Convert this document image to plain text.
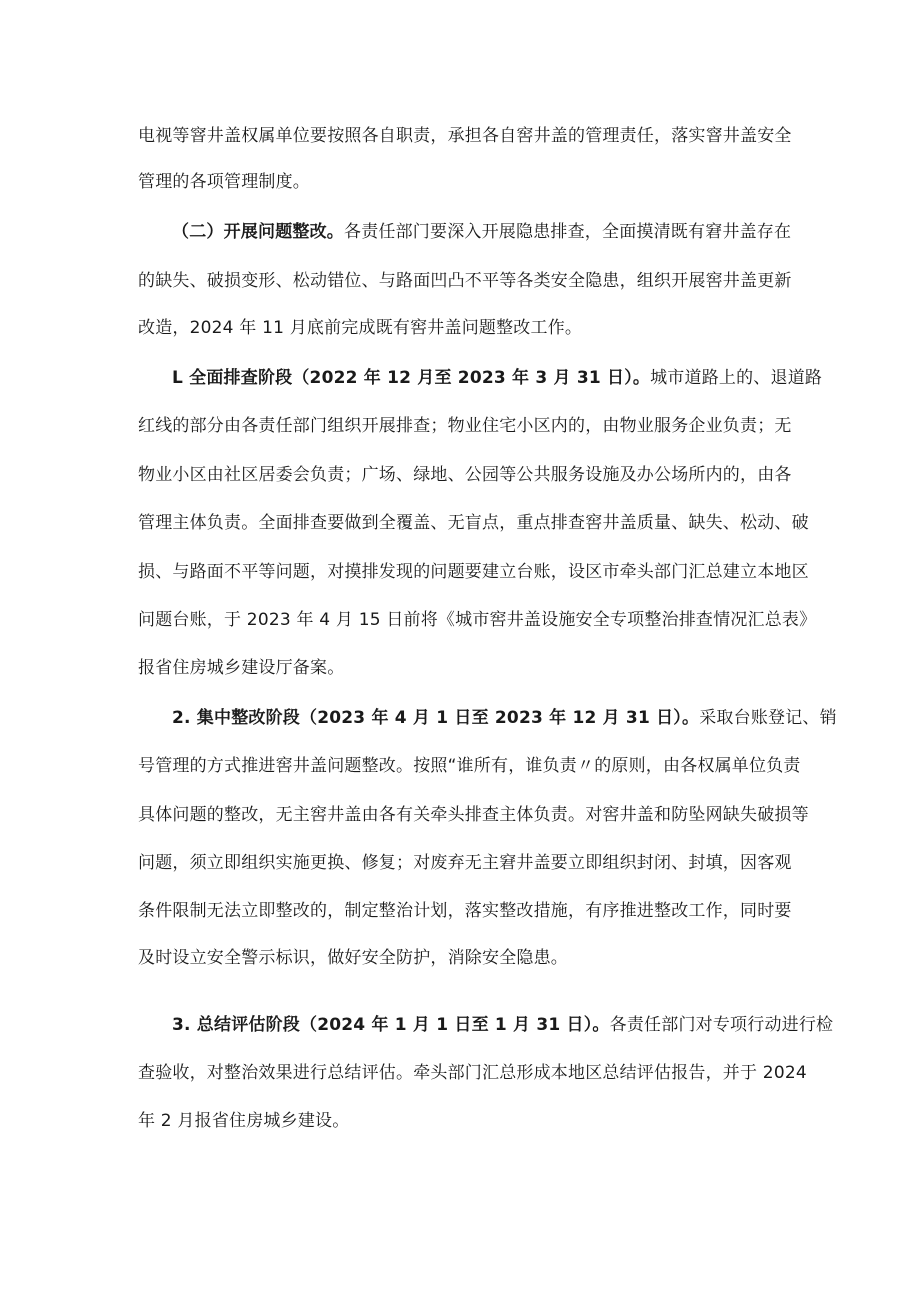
电视等窨井盖权属单位要按照各自职责，承担各自窖井盖的管理责任，落实窨井盖安全
管理的各项管理制度。
（二）开展问题整改。各责任部门要深入开展隐患排查，全面摸清既有窘井盖存在
的缺失、破损变形、松动错位、与路面凹凸不平等各类安全隐患，组织开展窖井盖更新
改造，2024 年 11 月底前完成既有窖井盖问题整改工作。
L 全面排查阶段（2022 年 12 月至 2023 年 3 月 31 日）。城市道路上的、退道路
红线的部分由各责任部门组织开展排查；物业住宅小区内的，由物业服务企业负责；无
物业小区由社区居委会负责；广场、绿地、公园等公共服务设施及办公场所内的，由各
管理主体负责。全面排查要做到全覆盖、无盲点，重点排查窖井盖质量、缺失、松动、破
损、与路面不平等问题，对摸排发现的问题要建立台账，设区市牵头部门汇总建立本地区
问题台账，于 2023 年 4 月 15 日前将《城市窖井盖设施安全专项整治排查情况汇总表》
报省住房城乡建设厅备案。
2. 集中整改阶段（2023 年 4 月 1 日至 2023 年 12 月 31 日）。采取台账登记、销
号管理的方式推进窖井盖问题整改。按照“谁所有，谁负责〃的原则，由各权属单位负责
具体问题的整改，无主窖井盖由各有关牵头排查主体负责。对窖井盖和防坠网缺失破损等
问题，须立即组织实施更换、修复；对废弃无主窘井盖要立即组织封闭、封填，因客观
条件限制无法立即整改的，制定整治计划，落实整改措施，有序推进整改工作，同时要
及时设立安全警示标识，做好安全防护，消除安全隐患。
3. 总结评估阶段（2024 年 1 月 1 日至 1 月 31 日）。各责任部门对专项行动进行检
查验收，对整治效果进行总结评估。牵头部门汇总形成本地区总结评估报告，并于 2024
年 2 月报省住房城乡建设。
